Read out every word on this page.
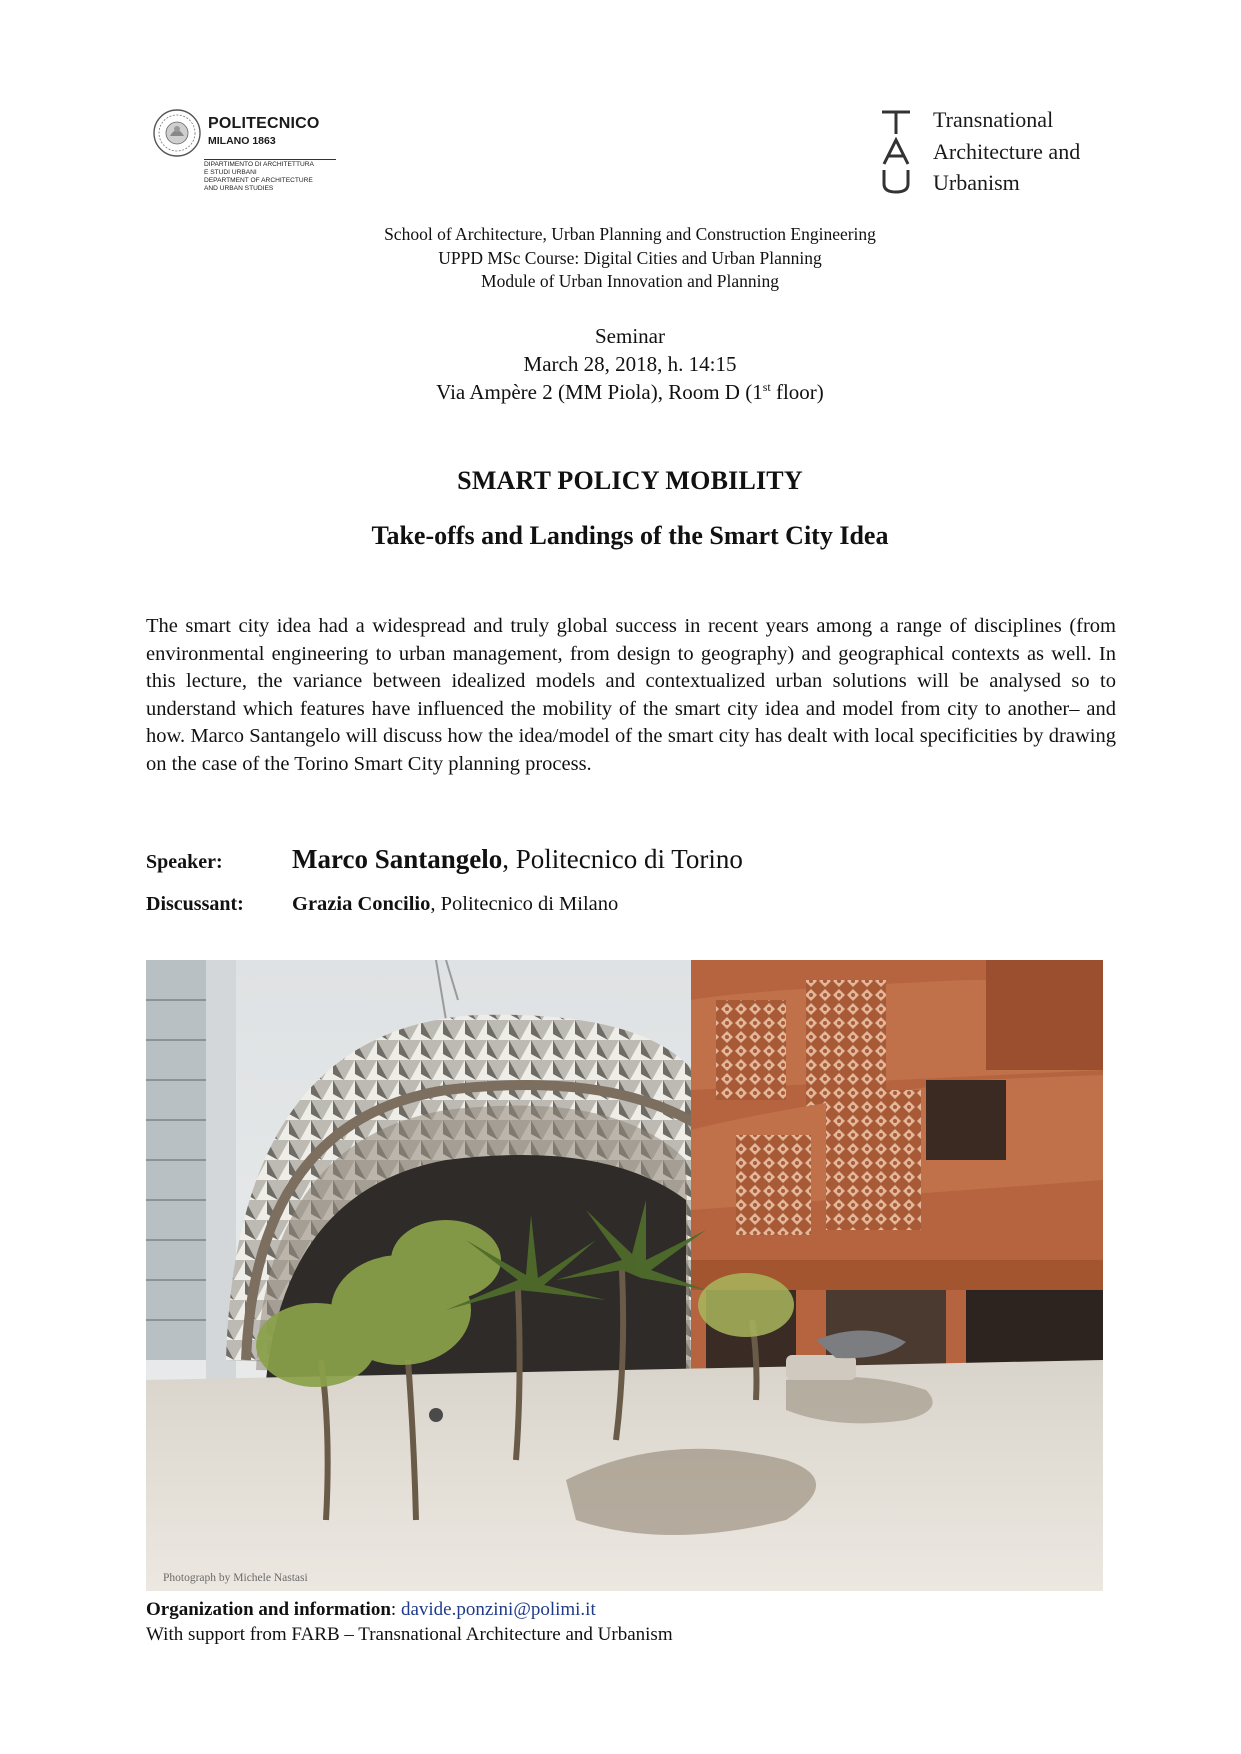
POLITECNICO
MILANO 1863
DIPARTIMENTO DI ARCHITETTURA
E STUDI URBANI
DEPARTMENT OF ARCHITECTURE
AND URBAN STUDIES
Transnational
Architecture and
Urbanism
School of Architecture, Urban Planning and Construction Engineering
UPPD MSc Course: Digital Cities and Urban Planning
Module of Urban Innovation and Planning
Seminar
March 28, 2018, h. 14:15
Via Ampère 2 (MM Piola), Room D (1st floor)
SMART POLICY MOBILITY
Take-offs and Landings of the Smart City Idea
The smart city idea had a widespread and truly global success in recent years among a range of disciplines (from environmental engineering to urban management, from design to geography) and geographical contexts as well. In this lecture, the variance between idealized models and contextualized urban solutions will be analysed so to understand which features have influenced the mobility of the smart city idea and model from city to another– and how. Marco Santangelo will discuss how the idea/model of the smart city has dealt with local specificities by drawing on the case of the Torino Smart City planning process.
Speaker:	Marco Santangelo, Politecnico di Torino
Discussant: Grazia Concilio, Politecnico di Milano
Photograph by Michele Nastasi
Organization and information: davide.ponzini@polimi.it
With support from FARB – Transnational Architecture and Urbanism
